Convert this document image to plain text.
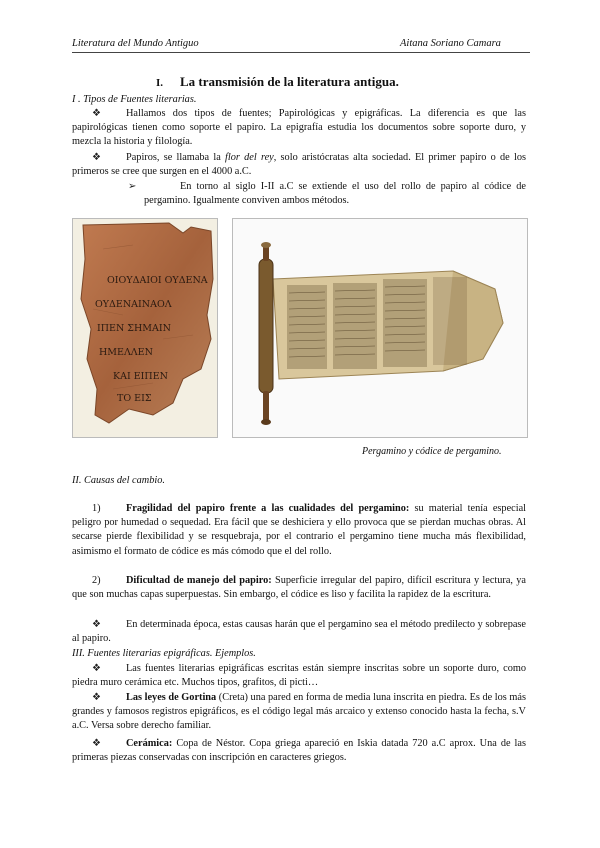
Literatura del Mundo Antiguo	Aitana Soriano Camara
I. La transmisión de la literatura antigua.
I . Tipos de Fuentes literarias.
❖	Hallamos dos tipos de fuentes; Papirológicas y epigráficas. La diferencia es que las papirológicas tienen como soporte el papiro. La epigrafía estudia los documentos sobre soporte duro, y mezcla la historia y filología.
❖	Papiros, se llamaba la flor del rey, solo aristócratas alta sociedad. El primer papiro o de los primeros se cree que surgen en el 4000 a.C.
➢	En torno al siglo I-II a.C se extiende el uso del rollo de papiro al códice de pergamino. Igualmente conviven ambos métodos.
ΟΙΟΥΔΑΙΟΙ ΟΥΔΕΝΑ ΟΥΔΕΝΑΙΝΑΟΛ ΙΠΕΝ ΣΗΜΑΙΝ ΗΜΕΛΛΕΝ ΚΑΙ ΕΙΠΕΝ ΤΟ ΕΙΣ
Pergamino y códice de pergamino.
II. Causas del cambio.
1)	Fragilidad del papiro frente a las cualidades del pergamino: su material tenía especial peligro por humedad o sequedad. Era fácil que se deshiciera y ello provoca que se pierdan muchas obras. Al secarse pierde flexibilidad y se resquebraja, por el contrario el pergamino tiene mucha más flexibilidad, asimismo el formato de códice es más cómodo que el del rollo.
2)	Dificultad de manejo del papiro: Superficie irregular del papiro, difícil escritura y lectura, ya que son muchas capas superpuestas. Sin embargo, el códice es liso y facilita la rapidez de la escritura.
❖	En determinada época, estas causas harán que el pergamino sea el método predilecto y sobrepase al papiro.
III. Fuentes literarias epigráficas. Ejemplos.
❖	Las fuentes literarias epigráficas escritas están siempre inscritas sobre un soporte duro, como piedra muro cerámica etc. Muchos tipos, grafitos, di picti…
❖	Las leyes de Gortina (Creta) una pared en forma de media luna inscrita en piedra. Es de los más grandes y famosos registros epigráficos, es el código legal más arcaico y extenso conocido hasta la fecha, s.V a.C. Versa sobre derecho familiar.
❖	Cerámica: Copa de Néstor. Copa griega apareció en Iskia datada 720 a.C aprox. Una de las primeras piezas conservadas con inscripción en caracteres griegos.
